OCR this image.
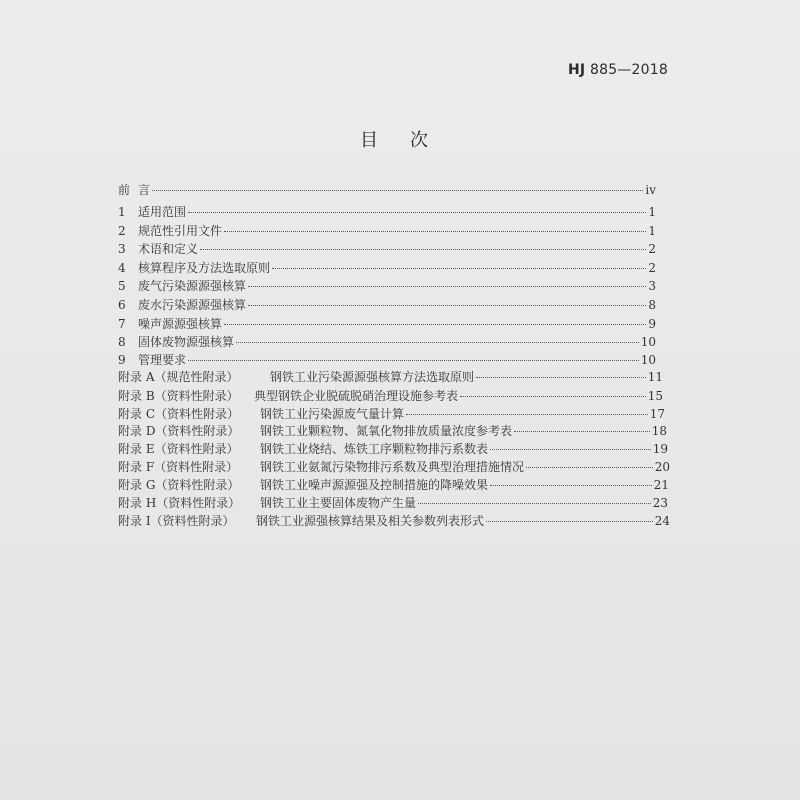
HJ 885—2018
目次
前 言	iv
1	适用范围	1
2	规范性引用文件	1
3	术语和定义	2
4	核算程序及方法选取原则	2
5	废气污染源源强核算	3
6	废水污染源源强核算	8
7	噪声源源强核算	9
8	固体废物源强核算	10
9	管理要求	10
附录 A（规范性附录）	钢铁工业污染源源强核算方法选取原则	11
附录 B（资料性附录）	典型钢铁企业脱硫脱硝治理设施参考表	15
附录 C（资料性附录）	钢铁工业污染源废气量计算	17
附录 D（资料性附录）	钢铁工业颗粒物、氮氧化物排放质量浓度参考表	18
附录 E（资料性附录）	钢铁工业烧结、炼铁工序颗粒物排污系数表	19
附录 F（资料性附录）	钢铁工业氨氮污染物排污系数及典型治理措施情况	20
附录 G（资料性附录）	钢铁工业噪声源源强及控制措施的降噪效果	21
附录 H（资料性附录）	钢铁工业主要固体废物产生量	23
附录 I（资料性附录）	钢铁工业源强核算结果及相关参数列表形式	24
